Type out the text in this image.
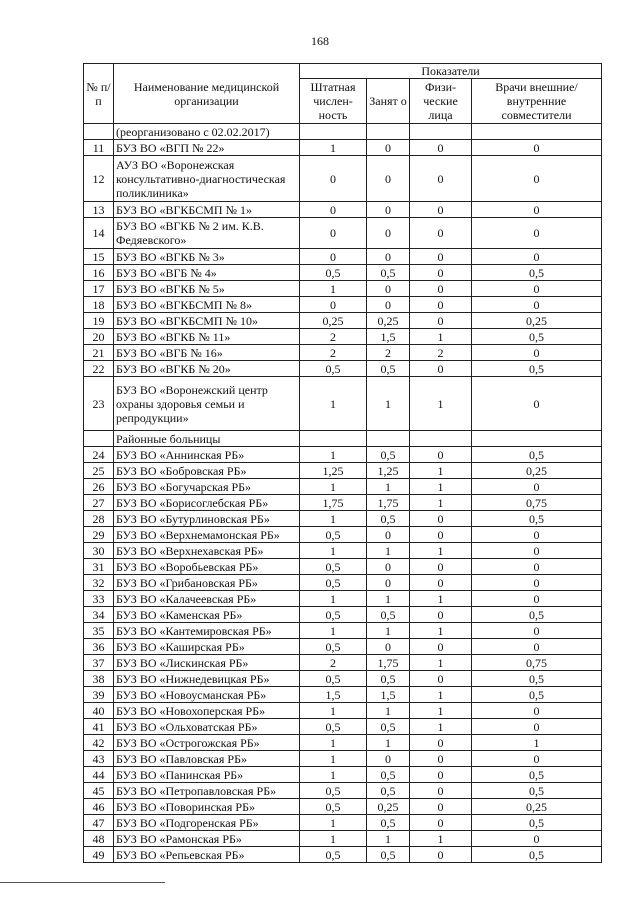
168
№ п/п	Наименование медицинской организации	Показатели			
		Штатная числен-ность	Занят о	Физи-ческие лица	Врачи внешние/ внутренние совместители
	(реорганизовано с 02.02.2017)				
11	БУЗ ВО «ВГП № 22»	1	0	0	0
12	АУЗ ВО «Воронежская консультативно-диагностическая поликлиника»	0	0	0	0
13	БУЗ ВО «ВГКБСМП № 1»	0	0	0	0
14	БУЗ ВО «ВГКБ № 2 им. К.В. Федяевского»	0	0	0	0
15	БУЗ ВО «ВГКБ № 3»	0	0	0	0
16	БУЗ ВО «ВГБ № 4»	0,5	0,5	0	0,5
17	БУЗ ВО «ВГКБ № 5»	1	0	0	0
18	БУЗ ВО «ВГКБСМП № 8»	0	0	0	0
19	БУЗ ВО «ВГКБСМП № 10»	0,25	0,25	0	0,25
20	БУЗ ВО «ВГКБ № 11»	2	1,5	1	0,5
21	БУЗ ВО «ВГБ № 16»	2	2	2	0
22	БУЗ ВО «ВГКБ № 20»	0,5	0,5	0	0,5
23	БУЗ ВО «Воронежский центр охраны здоровья семьи и репродукции»	1	1	1	0
	Районные больницы				
24	БУЗ ВО «Аннинская РБ»	1	0,5	0	0,5
25	БУЗ ВО «Бобровская РБ»	1,25	1,25	1	0,25
26	БУЗ ВО «Богучарская РБ»	1	1	1	0
27	БУЗ ВО «Борисоглебская РБ»	1,75	1,75	1	0,75
28	БУЗ ВО «Бутурлиновская РБ»	1	0,5	0	0,5
29	БУЗ ВО «Верхнемамонская РБ»	0,5	0	0	0
30	БУЗ ВО «Верхнехавская РБ»	1	1	1	0
31	БУЗ ВО «Воробьевская РБ»	0,5	0	0	0
32	БУЗ ВО «Грибановская РБ»	0,5	0	0	0
33	БУЗ ВО «Калачеевская РБ»	1	1	1	0
34	БУЗ ВО «Каменская РБ»	0,5	0,5	0	0,5
35	БУЗ ВО «Кантемировская РБ»	1	1	1	0
36	БУЗ ВО «Каширская РБ»	0,5	0	0	0
37	БУЗ ВО «Лискинская РБ»	2	1,75	1	0,75
38	БУЗ ВО «Нижнедевицкая РБ»	0,5	0,5	0	0,5
39	БУЗ ВО «Новоусманская РБ»	1,5	1,5	1	0,5
40	БУЗ ВО «Новохоперская РБ»	1	1	1	0
41	БУЗ ВО «Ольховатская РБ»	0,5	0,5	1	0
42	БУЗ ВО «Острогожская РБ»	1	1	0	1
43	БУЗ ВО «Павловская РБ»	1	0	0	0
44	БУЗ ВО «Панинская РБ»	1	0,5	0	0,5
45	БУЗ ВО «Петропавловская РБ»	0,5	0,5	0	0,5
46	БУЗ ВО «Поворинская РБ»	0,5	0,25	0	0,25
47	БУЗ ВО «Подгоренская РБ»	1	0,5	0	0,5
48	БУЗ ВО «Рамонская РБ»	1	1	1	0
49	БУЗ ВО «Репьевская РБ»	0,5	0,5	0	0,5
